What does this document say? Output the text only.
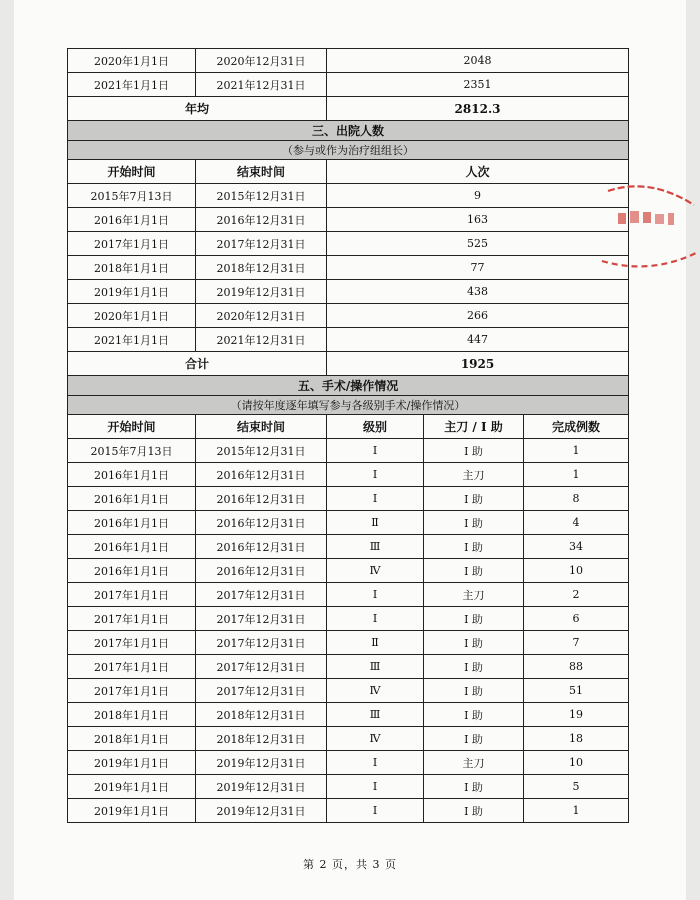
2020年1月1日	2020年12月31日	2048		
2021年1月1日	2021年12月31日	2351		
年均		2812.3		
三、出院人数				
（参与或作为治疗组组长）				
开始时间	结束时间	人次		
2015年7月13日	2015年12月31日	9		
2016年1月1日	2016年12月31日	163		
2017年1月1日	2017年12月31日	525		
2018年1月1日	2018年12月31日	77		
2019年1月1日	2019年12月31日	438		
2020年1月1日	2020年12月31日	266		
2021年1月1日	2021年12月31日	447		
合计		1925		
五、手术/操作情况				
（请按年度逐年填写参与各级别手术/操作情况）				
开始时间	结束时间	级别	主刀 / Ⅰ 助	完成例数
2015年7月13日	2015年12月31日	Ⅰ	Ⅰ 助	1
2016年1月1日	2016年12月31日	Ⅰ	主刀	1
2016年1月1日	2016年12月31日	Ⅰ	Ⅰ 助	8
2016年1月1日	2016年12月31日	Ⅱ	Ⅰ 助	4
2016年1月1日	2016年12月31日	Ⅲ	Ⅰ 助	34
2016年1月1日	2016年12月31日	Ⅳ	Ⅰ 助	10
2017年1月1日	2017年12月31日	Ⅰ	主刀	2
2017年1月1日	2017年12月31日	Ⅰ	Ⅰ 助	6
2017年1月1日	2017年12月31日	Ⅱ	Ⅰ 助	7
2017年1月1日	2017年12月31日	Ⅲ	Ⅰ 助	88
2017年1月1日	2017年12月31日	Ⅳ	Ⅰ 助	51
2018年1月1日	2018年12月31日	Ⅲ	Ⅰ 助	19
2018年1月1日	2018年12月31日	Ⅳ	Ⅰ 助	18
2019年1月1日	2019年12月31日	Ⅰ	主刀	10
2019年1月1日	2019年12月31日	Ⅰ	Ⅰ 助	5
2019年1月1日	2019年12月31日	Ⅰ	Ⅰ 助	1
第 2 页，共 3 页
